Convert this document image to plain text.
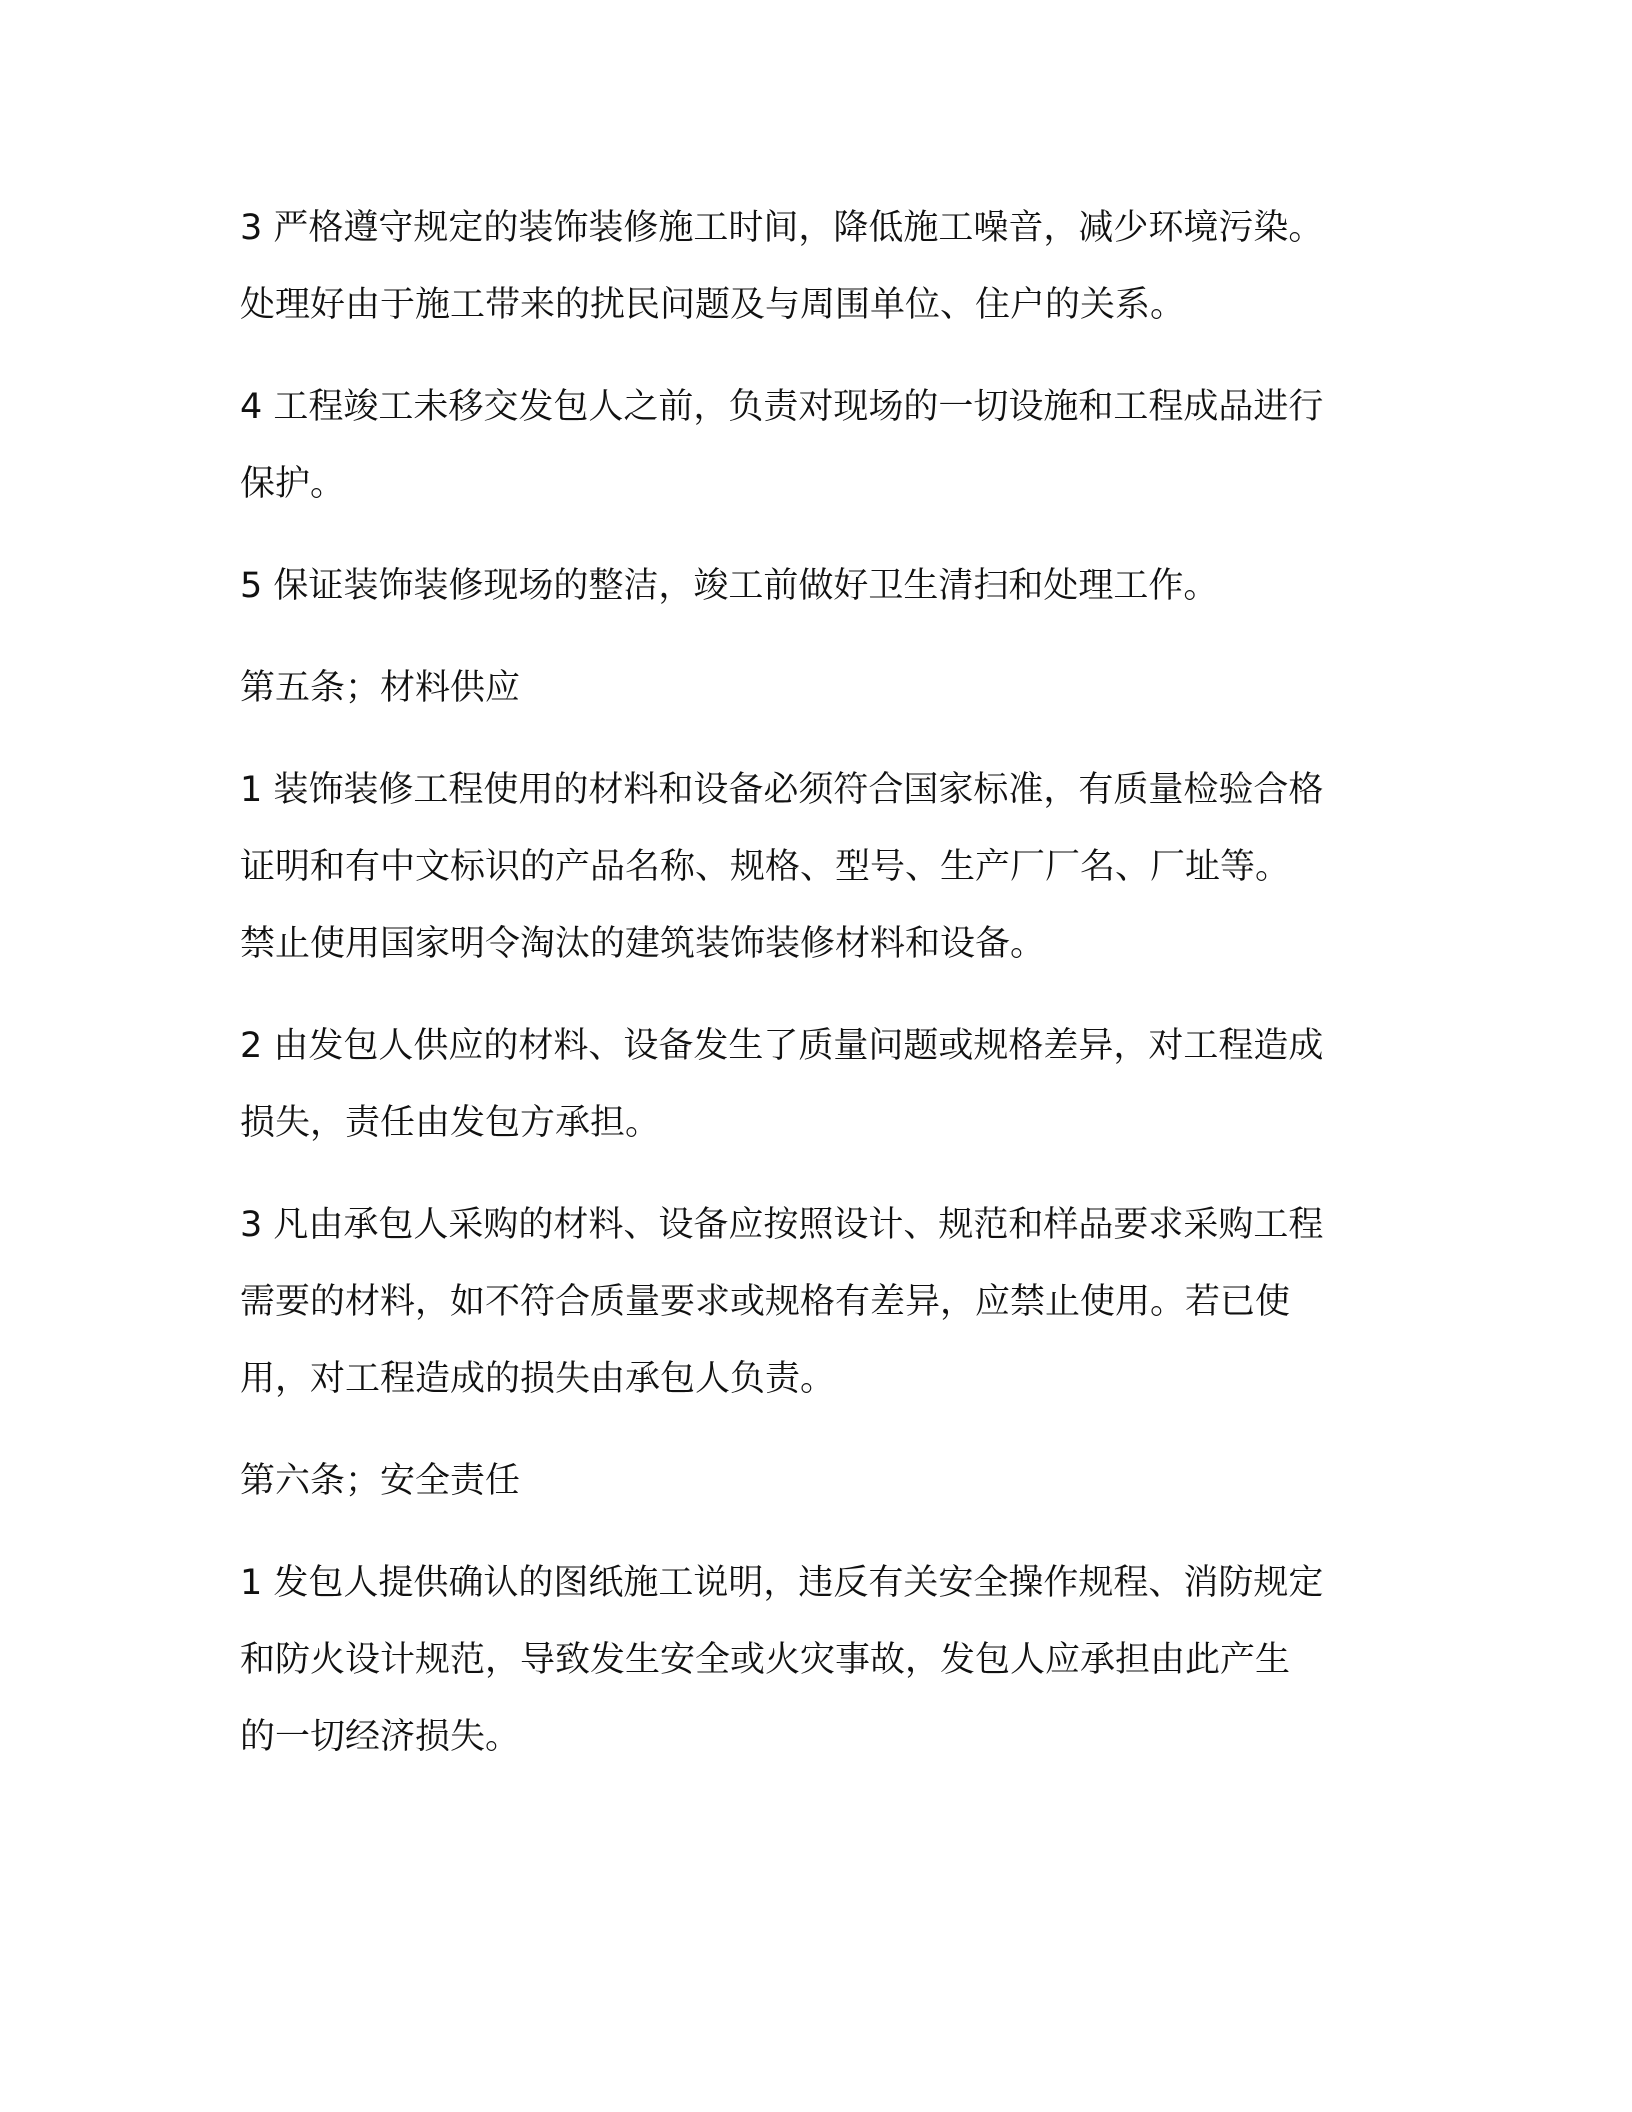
3 严格遵守规定的装饰装修施工时间，降低施工噪音，减少环境污染。
处理好由于施工带来的扰民问题及与周围单位、住户的关系。

4 工程竣工未移交发包人之前，负责对现场的一切设施和工程成品进行
保护。

5 保证装饰装修现场的整洁，竣工前做好卫生清扫和处理工作。

第五条；材料供应

1 装饰装修工程使用的材料和设备必须符合国家标准，有质量检验合格
证明和有中文标识的产品名称、规格、型号、生产厂厂名、厂址等。
禁止使用国家明令淘汰的建筑装饰装修材料和设备。

2 由发包人供应的材料、设备发生了质量问题或规格差异，对工程造成
损失，责任由发包方承担。

3 凡由承包人采购的材料、设备应按照设计、规范和样品要求采购工程
需要的材料，如不符合质量要求或规格有差异，应禁止使用。若已使
用，对工程造成的损失由承包人负责。

第六条；安全责任

1 发包人提供确认的图纸施工说明，违反有关安全操作规程、消防规定
和防火设计规范，导致发生安全或火灾事故，发包人应承担由此产生
的一切经济损失。
